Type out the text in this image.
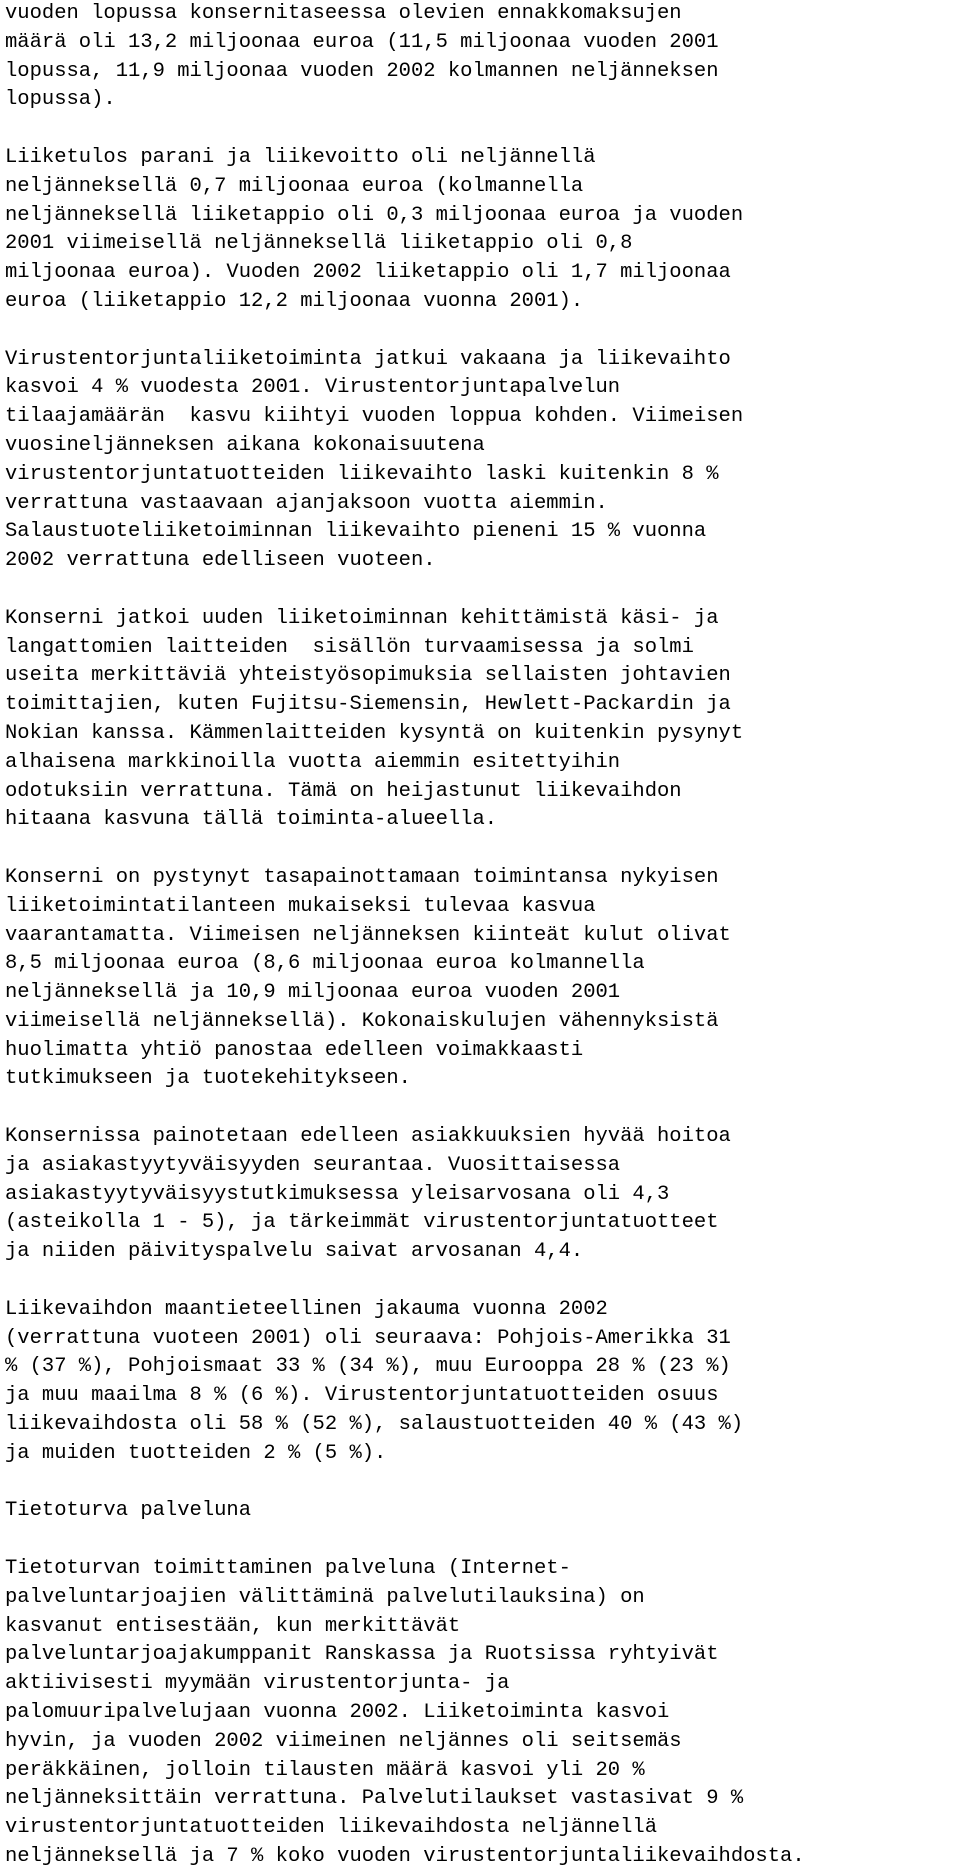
vuoden lopussa konsernitaseessa olevien ennakkomaksujen
määrä oli 13,2 miljoonaa euroa (11,5 miljoonaa vuoden 2001
lopussa, 11,9 miljoonaa vuoden 2002 kolmannen neljänneksen
lopussa).
Liiketulos parani ja liikevoitto oli neljännellä
neljänneksellä 0,7 miljoonaa euroa (kolmannella
neljänneksellä liiketappio oli 0,3 miljoonaa euroa ja vuoden
2001 viimeisellä neljänneksellä liiketappio oli 0,8
miljoonaa euroa). Vuoden 2002 liiketappio oli 1,7 miljoonaa
euroa (liiketappio 12,2 miljoonaa vuonna 2001).
Virustentorjuntaliiketoiminta jatkui vakaana ja liikevaihto
kasvoi 4 % vuodesta 2001. Virustentorjuntapalvelun
tilaajamäärän  kasvu kiihtyi vuoden loppua kohden. Viimeisen
vuosineljänneksen aikana kokonaisuutena
virustentorjuntatuotteiden liikevaihto laski kuitenkin 8 %
verrattuna vastaavaan ajanjaksoon vuotta aiemmin.
Salaustuoteliiketoiminnan liikevaihto pieneni 15 % vuonna
2002 verrattuna edelliseen vuoteen.
Konserni jatkoi uuden liiketoiminnan kehittämistä käsi- ja
langattomien laitteiden  sisällön turvaamisessa ja solmi
useita merkittäviä yhteistyösopimuksia sellaisten johtavien
toimittajien, kuten Fujitsu-Siemensin, Hewlett-Packardin ja
Nokian kanssa. Kämmenlaitteiden kysyntä on kuitenkin pysynyt
alhaisena markkinoilla vuotta aiemmin esitettyihin
odotuksiin verrattuna. Tämä on heijastunut liikevaihdon
hitaana kasvuna tällä toiminta-alueella.
Konserni on pystynyt tasapainottamaan toimintansa nykyisen
liiketoimintatilanteen mukaiseksi tulevaa kasvua
vaarantamatta. Viimeisen neljänneksen kiinteät kulut olivat
8,5 miljoonaa euroa (8,6 miljoonaa euroa kolmannella
neljänneksellä ja 10,9 miljoonaa euroa vuoden 2001
viimeisellä neljänneksellä). Kokonaiskulujen vähennyksistä
huolimatta yhtiö panostaa edelleen voimakkaasti
tutkimukseen ja tuotekehitykseen.
Konsernissa painotetaan edelleen asiakkuuksien hyvää hoitoa
ja asiakastyytyväisyyden seurantaa. Vuosittaisessa
asiakastyytyväisyystutkimuksessa yleisarvosana oli 4,3
(asteikolla 1 - 5), ja tärkeimmät virustentorjuntatuotteet
ja niiden päivityspalvelu saivat arvosanan 4,4.
Liikevaihdon maantieteellinen jakauma vuonna 2002
(verrattuna vuoteen 2001) oli seuraava: Pohjois-Amerikka 31
% (37 %), Pohjoismaat 33 % (34 %), muu Eurooppa 28 % (23 %)
ja muu maailma 8 % (6 %). Virustentorjuntatuotteiden osuus
liikevaihdosta oli 58 % (52 %), salaustuotteiden 40 % (43 %)
ja muiden tuotteiden 2 % (5 %).
Tietoturva palveluna
Tietoturvan toimittaminen palveluna (Internet-
palveluntarjoajien välittäminä palvelutilauksina) on
kasvanut entisestään, kun merkittävät
palveluntarjoajakumppanit Ranskassa ja Ruotsissa ryhtyivät
aktiivisesti myymään virustentorjunta- ja
palomuuripalvelujaan vuonna 2002. Liiketoiminta kasvoi
hyvin, ja vuoden 2002 viimeinen neljännes oli seitsemäs
peräkkäinen, jolloin tilausten määrä kasvoi yli 20 %
neljänneksittäin verrattuna. Palvelutilaukset vastasivat 9 %
virustentorjuntatuotteiden liikevaihdosta neljännellä
neljänneksellä ja 7 % koko vuoden virustentorjuntaliikevaihdosta.
